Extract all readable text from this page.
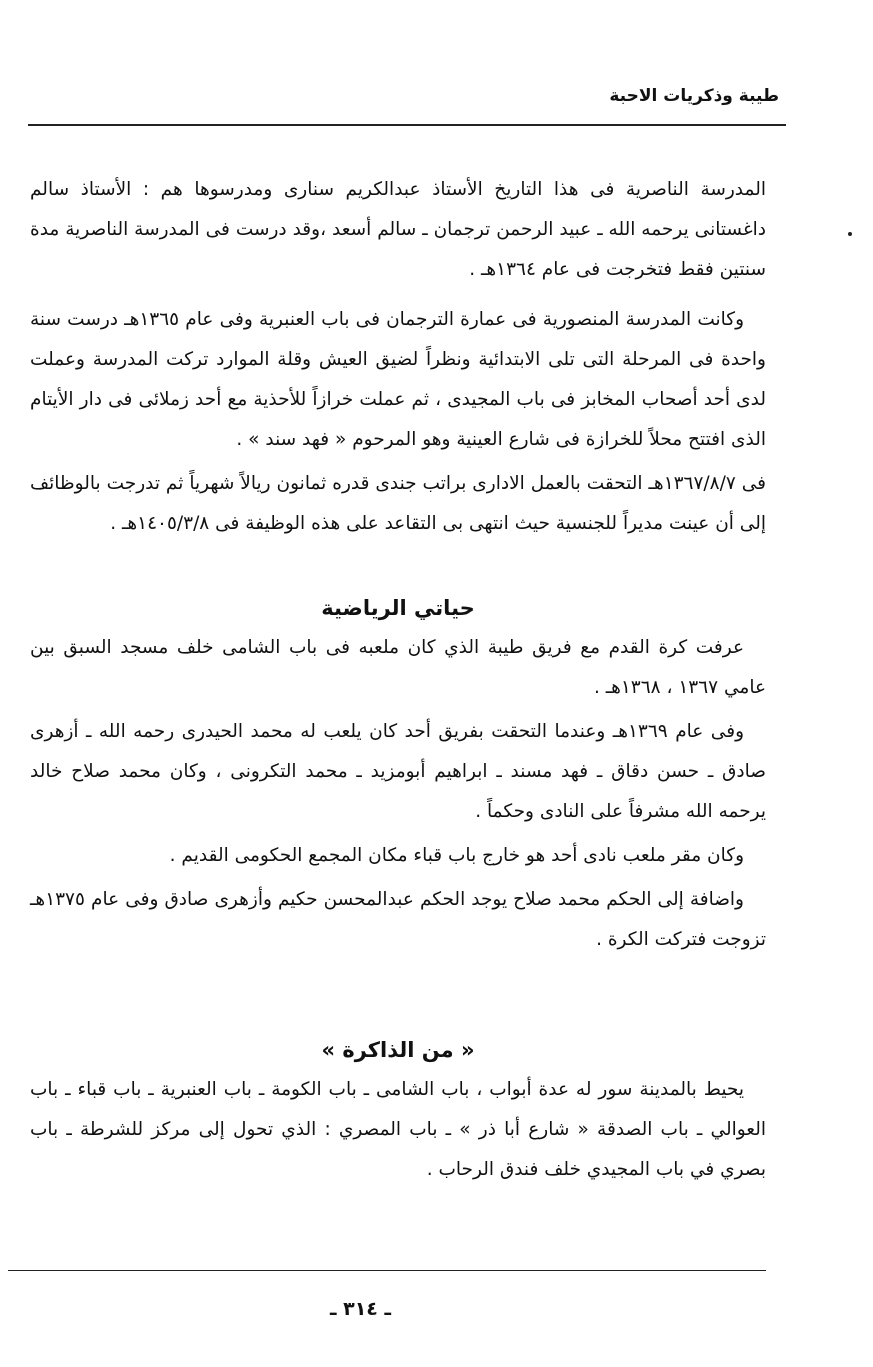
طيبة وذكريات الاحبة

المدرسة الناصرية فى هذا التاريخ الأستاذ عبدالكريم سنارى ومدرسوها هم : الأستاذ سالم داغستانى يرحمه الله ـ عبيد الرحمن ترجمان ـ سالم أسعد ،وقد درست فى المدرسة الناصرية مدة سنتين فقط فتخرجت فى عام ١٣٦٤هـ .

وكانت المدرسة المنصورية فى عمارة الترجمان فى باب العنبرية وفى عام ١٣٦٥هـ درست سنة واحدة فى المرحلة التى تلى الابتدائية ونظراً لضيق العيش وقلة الموارد تركت المدرسة وعملت لدى أحد أصحاب المخابز فى باب المجيدى ، ثم عملت خرازاً للأحذية مع أحد زملائى فى دار الأيتام الذى افتتح محلاً للخرازة فى شارع العينية وهو المرحوم « فهد سند » .

فى ١٣٦٧/٨/٧هـ التحقت بالعمل الادارى براتب جندى قدره ثمانون ريالاً شهرياً ثم تدرجت بالوظائف إلى أن عينت مديراً للجنسية حيث انتهى بى التقاعد على هذه الوظيفة فى ١٤٠٥/٣/٨هـ .

حياتي الرياضية

عرفت كرة القدم مع فريق طيبة الذي كان ملعبه فى باب الشامى خلف مسجد السبق بين عامي ١٣٦٧ ، ١٣٦٨هـ .

وفى عام ١٣٦٩هـ وعندما التحقت بفريق أحد كان يلعب له محمد الحيدرى رحمه الله ـ أزهرى صادق ـ حسن دقاق ـ فهد مسند ـ ابراهيم أبومزيد ـ محمد التكرونى ، وكان محمد صلاح خالد يرحمه الله مشرفاً على النادى وحكماً .

وكان مقر ملعب نادى أحد هو خارج باب قباء مكان المجمع الحكومى القديم .

واضافة إلى الحكم محمد صلاح يوجد الحكم عبدالمحسن حكيم وأزهرى صادق وفى عام ١٣٧٥هـ تزوجت فتركت الكرة .

« من الذاكرة »

يحيط بالمدينة سور له عدة أبواب ، باب الشامى ـ باب الكومة ـ باب العنبرية ـ باب قباء ـ باب العوالي ـ باب الصدقة « شارع أبا ذر » ـ باب المصري : الذي تحول إلى مركز للشرطة ـ باب بصري في باب المجيدي خلف فندق الرحاب .

ـ ٣١٤ ـ
